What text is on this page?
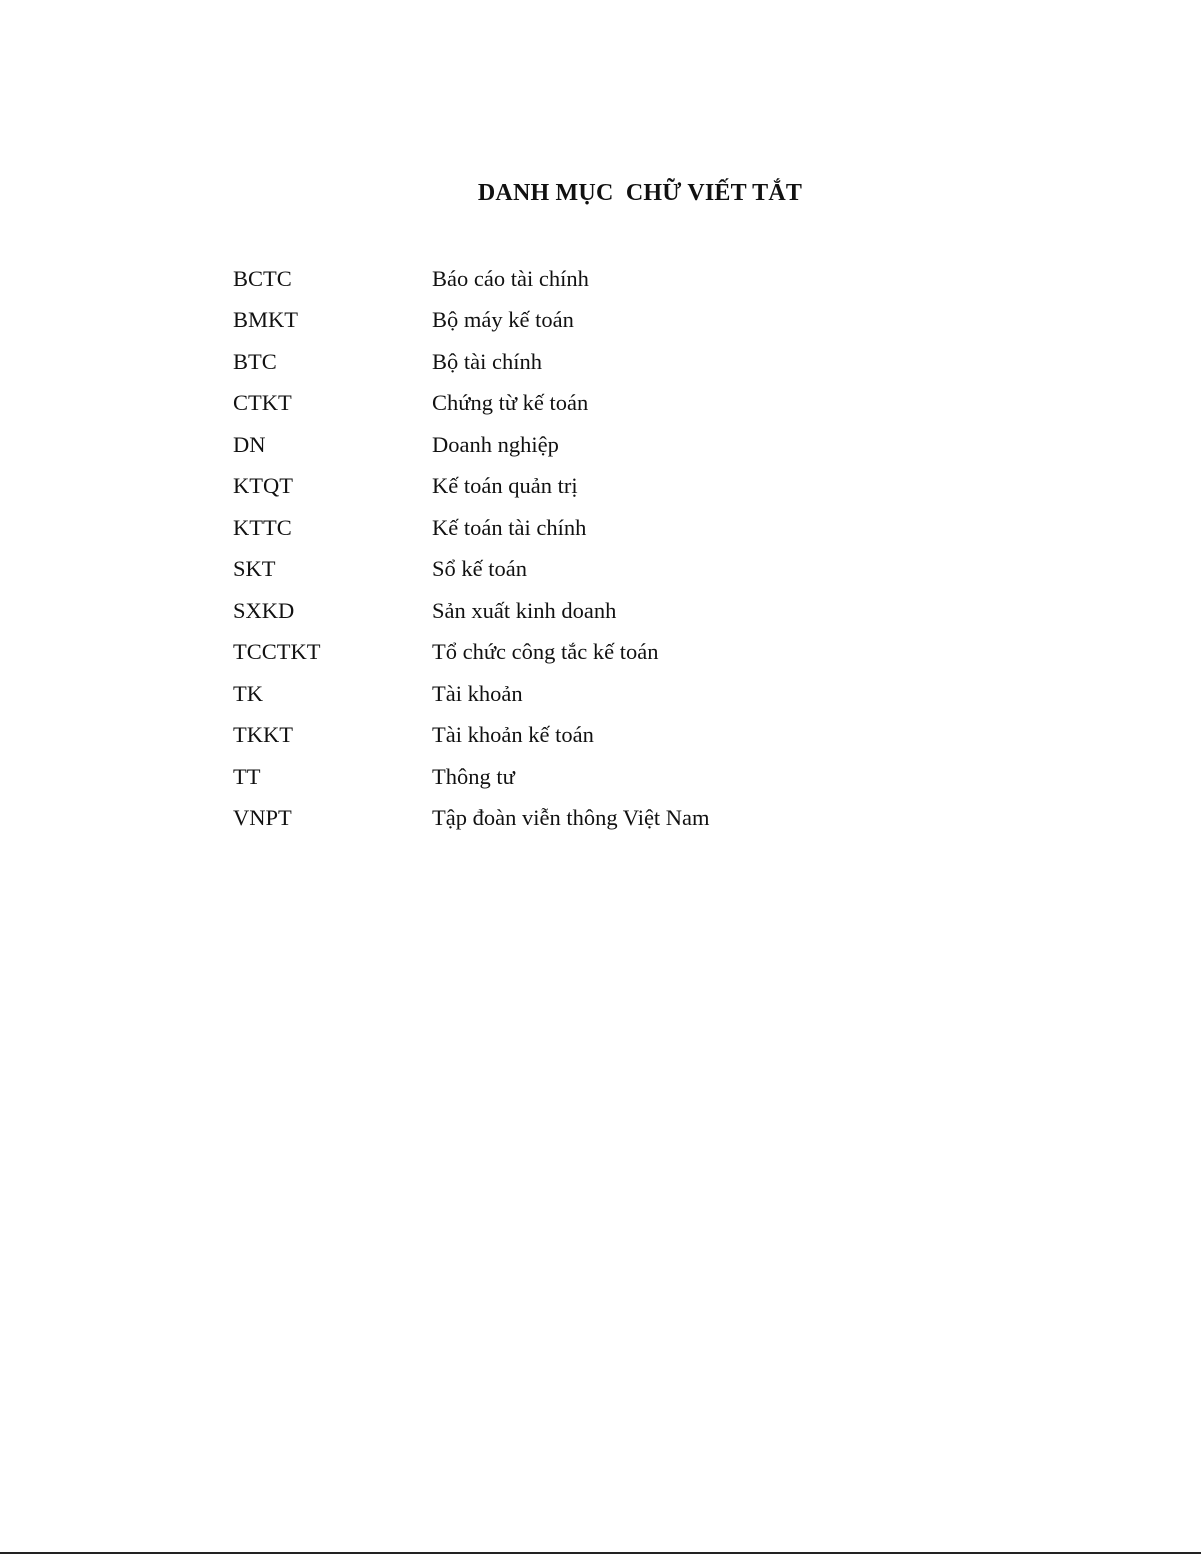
DANH MỤC  CHỮ VIẾT TẮT
BCTC	Báo cáo tài chính
BMKT	Bộ máy kế toán
BTC	Bộ tài chính
CTKT	Chứng từ kế toán
DN	Doanh nghiệp
KTQT	Kế toán quản trị
KTTC	Kế toán tài chính
SKT	Sổ kế toán
SXKD	Sản xuất kinh doanh
TCCTKT	Tổ chức công tắc kế toán
TK	Tài khoản
TKKT	Tài khoản kế toán
TT	Thông tư
VNPT	Tập đoàn viễn thông Việt Nam
